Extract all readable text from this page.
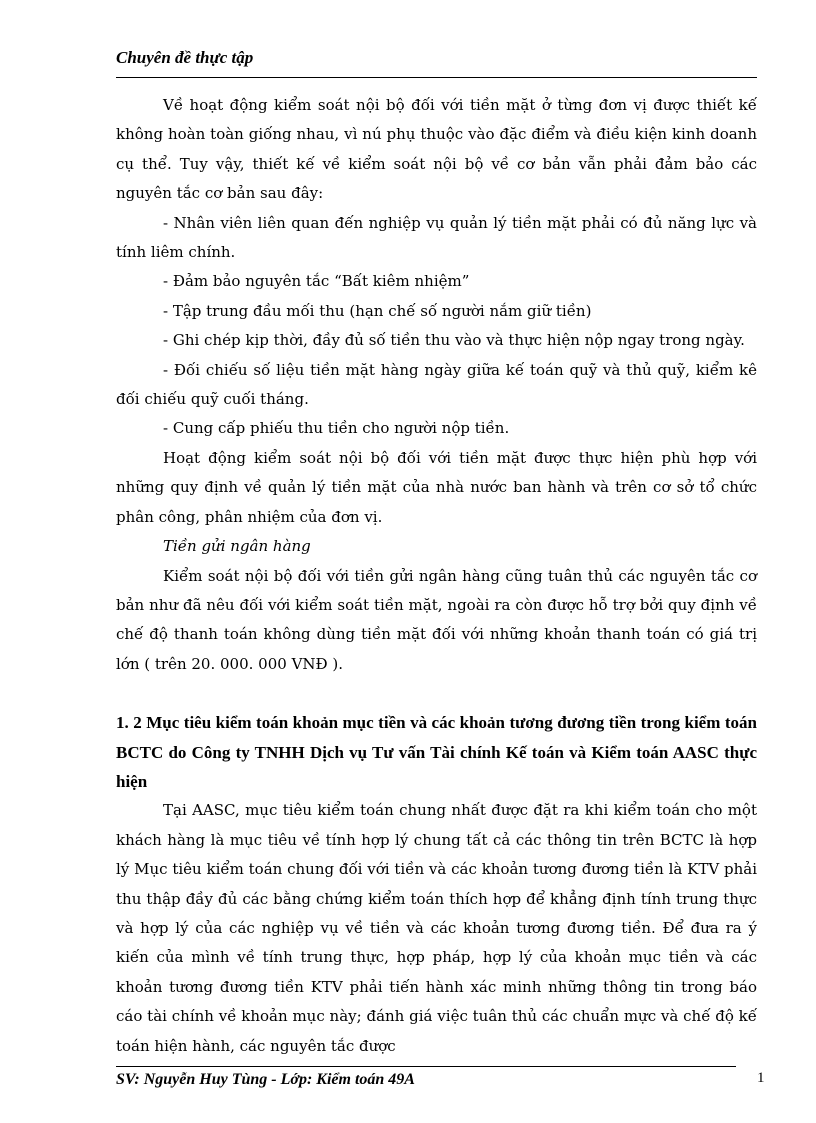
Chuyên đề thực tập

Về hoạt động kiểm soát nội bộ đối với tiền mặt ở từng đơn vị được thiết kế không hoàn toàn giống nhau, vì nú phụ thuộc vào đặc điểm và điều kiện kinh doanh cụ thể. Tuy vậy, thiết kế về kiểm soát nội bộ về cơ bản vẫn phải đảm bảo các nguyên tắc cơ bản sau đây:

- Nhân viên liên quan đến nghiệp vụ quản lý tiền mặt phải có đủ năng lực và tính liêm chính.

- Đảm bảo nguyên tắc “Bất kiêm nhiệm”

- Tập trung đầu mối thu (hạn chế số người nắm giữ tiền)

- Ghi chép kịp thời, đầy đủ số tiền thu vào và thực hiện nộp ngay trong ngày.

- Đối chiếu số liệu tiền mặt hàng ngày giữa kế toán quỹ và thủ quỹ, kiểm kê đối chiếu quỹ cuối tháng.

- Cung cấp phiếu thu tiền cho người nộp tiền.

Hoạt động kiểm soát nội bộ đối với tiền mặt được thực hiện phù hợp với những quy định về quản lý tiền mặt của nhà nước ban hành và trên cơ sở tổ chức phân công, phân nhiệm của đơn vị.

Tiền gửi ngân hàng

Kiểm soát nội bộ đối với tiền gửi ngân hàng cũng tuân thủ các nguyên tắc cơ bản như đã nêu đối với kiểm soát tiền mặt, ngoài ra còn được hỗ trợ bởi quy định về chế độ thanh toán không dùng tiền mặt đối với những khoản thanh toán có giá trị lớn ( trên 20. 000. 000 VNĐ ).

1. 2 Mục tiêu kiểm toán khoản mục tiền và các khoản tương đương tiền trong kiểm toán BCTC do Công ty TNHH Dịch vụ Tư vấn Tài chính Kế toán và Kiểm toán AASC thực hiện

Tại AASC, mục tiêu kiểm toán chung nhất được đặt ra khi kiểm toán cho một khách hàng là mục tiêu về tính hợp lý chung tất cả các thông tin trên BCTC là hợp lý Mục tiêu kiểm toán chung đối với tiền và các khoản tương đương tiền là KTV phải thu thập đầy đủ các bằng chứng kiểm toán thích hợp để khẳng định tính trung thực và hợp lý của các nghiệp vụ về tiền và các khoản tương đương tiền. Để đưa ra ý kiến của mình về tính trung thực, hợp pháp, hợp lý của khoản mục tiền và các khoản tương đương tiền KTV phải tiến hành xác minh những thông tin trong báo cáo tài chính về khoản mục này; đánh giá việc tuân thủ các chuẩn mực và chế độ kế toán hiện hành, các nguyên tắc được

SV: Nguyễn Huy Tùng - Lớp: Kiểm toán 49A	1
